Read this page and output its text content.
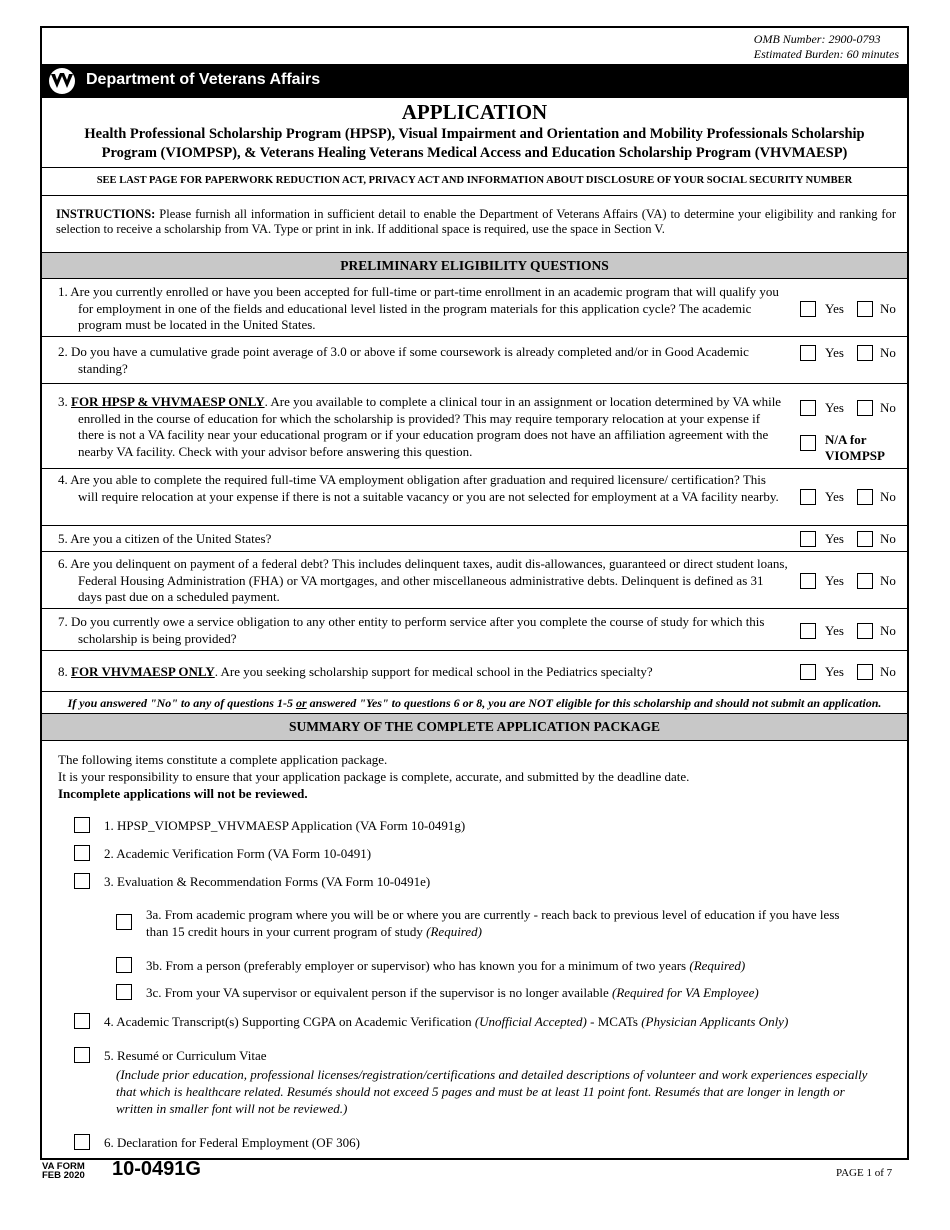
OMB Number: 2900-0793
Estimated Burden: 60 minutes
Department of Veterans Affairs
APPLICATION
Health Professional Scholarship Program (HPSP), Visual Impairment and Orientation and Mobility Professionals Scholarship
Program (VIOMPSP), & Veterans Healing Veterans Medical Access and Education Scholarship Program (VHVMAESP)
SEE LAST PAGE FOR PAPERWORK REDUCTION ACT, PRIVACY ACT AND INFORMATION ABOUT DISCLOSURE OF YOUR SOCIAL SECURITY NUMBER
INSTRUCTIONS: Please furnish all information in sufficient detail to enable the Department of Veterans Affairs (VA) to determine your eligibility and ranking for selection to receive a scholarship from VA. Type or print in ink. If additional space is required, use the space in Section V.
PRELIMINARY ELIGIBILITY QUESTIONS
1. Are you currently enrolled or have you been accepted for full-time or part-time enrollment in an academic program that will qualify you for employment in one of the fields and educational level listed in the program materials for this application cycle? The academic program must be located in the United States.
Yes	No
2. Do you have a cumulative grade point average of 3.0 or above if some coursework is already completed and/or in Good Academic standing?
Yes	No
3. FOR HPSP & VHVMAESP ONLY. Are you available to complete a clinical tour in an assignment or location determined by VA while enrolled in the course of education for which the scholarship is provided? This may require temporary relocation at your expense if there is not a VA facility near your educational program or if your education program does not have an affiliation agreement with the nearby VA facility. Check with your advisor before answering this question.
Yes	No
N/A for
VIOMPSP
4. Are you able to complete the required full-time VA employment obligation after graduation and required licensure/ certification? This will require relocation at your expense if there is not a suitable vacancy or you are not selected for employment at a VA facility nearby.	Yes	No
5. Are you a citizen of the United States?	Yes	No
6. Are you delinquent on payment of a federal debt? This includes delinquent taxes, audit dis-allowances, guaranteed or direct student loans, Federal Housing Administration (FHA) or VA mortgages, and other miscellaneous administrative debts. Delinquent is defined as 31 days past due on a scheduled payment.
Yes	No
7. Do you currently owe a service obligation to any other entity to perform service after you complete the course of study for which this scholarship is being provided?	Yes	No
8. FOR VHVMAESP ONLY. Are you seeking scholarship support for medical school in the Pediatrics specialty?	Yes	No
If you answered "No" to any of questions 1-5 or answered "Yes" to questions 6 or 8, you are NOT eligible for this scholarship and should not submit an application.
SUMMARY OF THE COMPLETE APPLICATION PACKAGE
The following items constitute a complete application package.
It is your responsibility to ensure that your application package is complete, accurate, and submitted by the deadline date.
Incomplete applications will not be reviewed.
1. HPSP_VIOMPSP_VHVMAESP Application (VA Form 10-0491g)
2. Academic Verification Form (VA Form 10-0491)
3. Evaluation & Recommendation Forms (VA Form 10-0491e)
3a. From academic program where you will be or where you are currently - reach back to previous level of education if you have less than 15 credit hours in your current program of study (Required)
3b. From a person (preferably employer or supervisor) who has known you for a minimum of two years (Required)
3c. From your VA supervisor or equivalent person if the supervisor is no longer available (Required for VA Employee)
4. Academic Transcript(s) Supporting CGPA on Academic Verification (Unofficial Accepted) - MCATs (Physician Applicants Only)
5. Resumé or Curriculum Vitae
(Include prior education, professional licenses/registration/certifications and detailed descriptions of volunteer and work experiences especially that which is healthcare related. Resumés should not exceed 5 pages and must be at least 11 point font. Resumés that are longer in length or written in smaller font will not be reviewed.)
6. Declaration for Federal Employment (OF 306)
VA FORM
FEB 2020 10-0491G	PAGE 1 of 7
